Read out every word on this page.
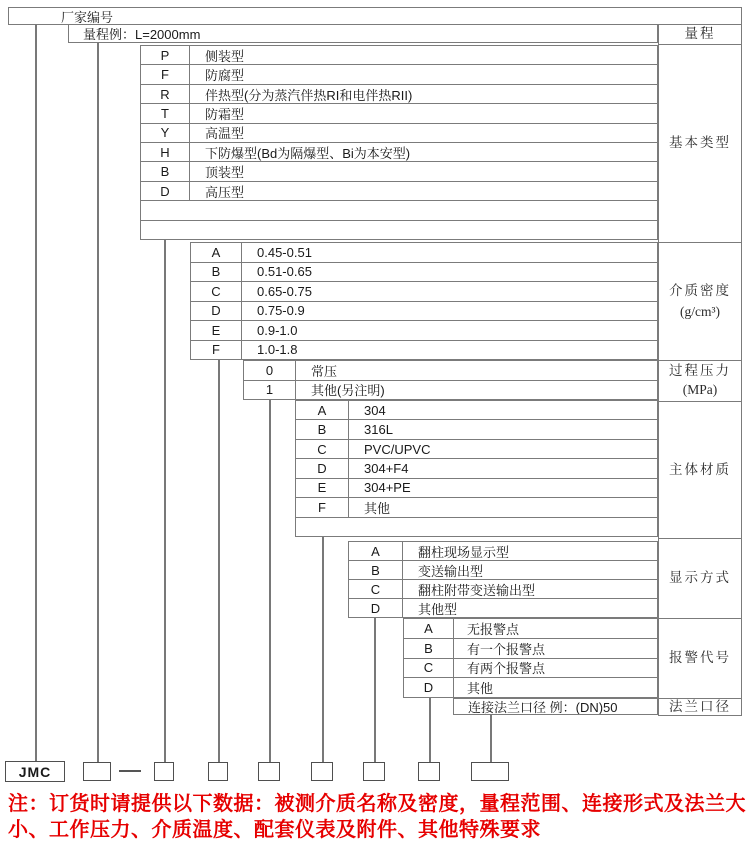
厂家编号
量程例：L=2000mm	量程
基本类型
介质密度
(g/cm³)
过程压力
(MPa)
主体材质
显示方式
报警代号
法兰口径
P	侧装型
F	防腐型
R	伴热型(分为蒸汽伴热RI和电伴热RII)
T	防霜型
Y	高温型
H	下防爆型(Bd为隔爆型、Bi为本安型)
B	顶装型
D	高压型
A	0.45-0.51
B	0.51-0.65
C	0.65-0.75
D	0.75-0.9
E	0.9-1.0
F	1.0-1.8
0	常压
1	其他(另注明)
A	304
B	316L
C	PVC/UPVC
D	304+F4
E	304+PE
F	其他
A	翻柱现场显示型
B	变送输出型
C	翻柱附带变送输出型
D	其他型
A	无报警点
B	有一个报警点
C	有两个报警点
D	其他
连接法兰口径 例：(DN)50
JMC
注：订货时请提供以下数据：被测介质名称及密度，量程范围、连接形式及法兰大小、工作压力、介质温度、配套仪表及附件、其他特殊要求
